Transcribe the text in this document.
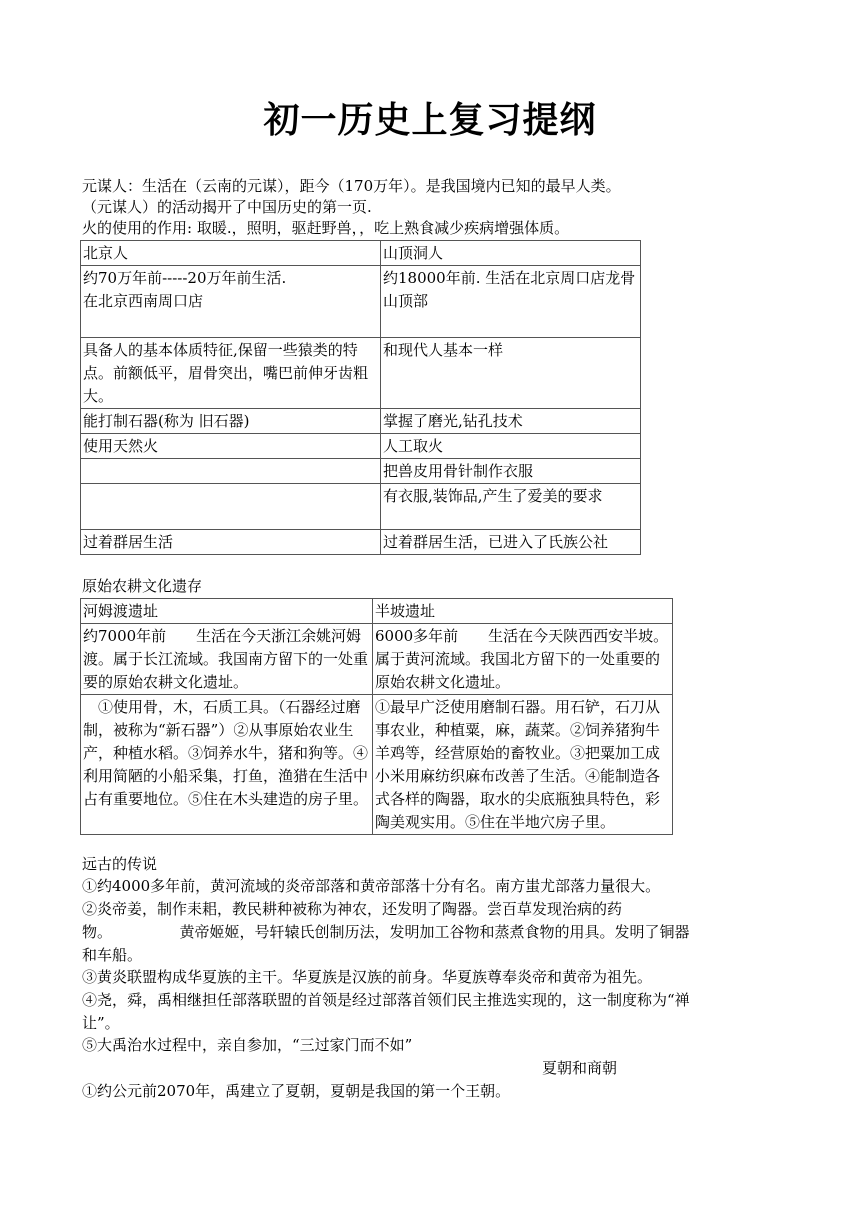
初一历史上复习提纲
元谋人：生活在（云南的元谋），距今（170万年）。是我国境内已知的最早人类。
（元谋人）的活动揭开了中国历史的第一页.
火的使用的作用: 取暖.，照明，驱赶野兽，，吃上熟食减少疾病增强体质。
北京人	山顶洞人
约70万年前-----20万年前生活.　　　　　　　在北京西南周口店	约18000年前. 生活在北京周口店龙骨山顶部
具备人的基本体质特征,保留一些猿类的特点。前额低平，眉骨突出，嘴巴前伸牙齿粗大。	和现代人基本一样
能打制石器(称为 旧石器)	掌握了磨光,钻孔技术
使用天然火	人工取火
	把兽皮用骨针制作衣服
	有衣服,装饰品,产生了爱美的要求
过着群居生活	过着群居生活，已进入了氏族公社
原始农耕文化遗存
河姆渡遗址	半坡遗址
约7000年前　　生活在今天浙江余姚河姆渡。属于长江流域。我国南方留下的一处重要的原始农耕文化遗址。	6000多年前　　生活在今天陕西西安半坡。属于黄河流域。我国北方留下的一处重要的原始农耕文化遗址。
　①使用骨，木，石质工具。（石器经过磨制，被称为“新石器”）②从事原始农业生产，种植水稻。③饲养水牛，猪和狗等。④利用简陋的小船采集，打鱼，渔猎在生活中占有重要地位。⑤住在木头建造的房子里。	①最早广泛使用磨制石器。用石铲，石刀从事农业，种植粟，麻，蔬菜。②饲养猪狗牛羊鸡等，经营原始的畜牧业。③把粟加工成小米用麻纺织麻布改善了生活。④能制造各式各样的陶器，取水的尖底瓶独具特色，彩陶美观实用。⑤住在半地穴房子里。
远古的传说
①约4000多年前，黄河流域的炎帝部落和黄帝部落十分有名。南方蚩尤部落力量很大。
②炎帝姜，制作耒耜，教民耕种被称为神农，还发明了陶器。尝百草发现治病的药
物。　　　　　黄帝姬姬，号轩辕氏创制历法，发明加工谷物和蒸煮食物的用具。发明了铜器
和车船。
③黄炎联盟构成华夏族的主干。华夏族是汉族的前身。华夏族尊奉炎帝和黄帝为祖先。
④尧，舜，禹相继担任部落联盟的首领是经过部落首领们民主推选实现的，这一制度称为“禅
让”。
⑤大禹治水过程中，亲自参加，“三过家门而不如”
夏朝和商朝
①约公元前2070年，禹建立了夏朝，夏朝是我国的第一个王朝。
